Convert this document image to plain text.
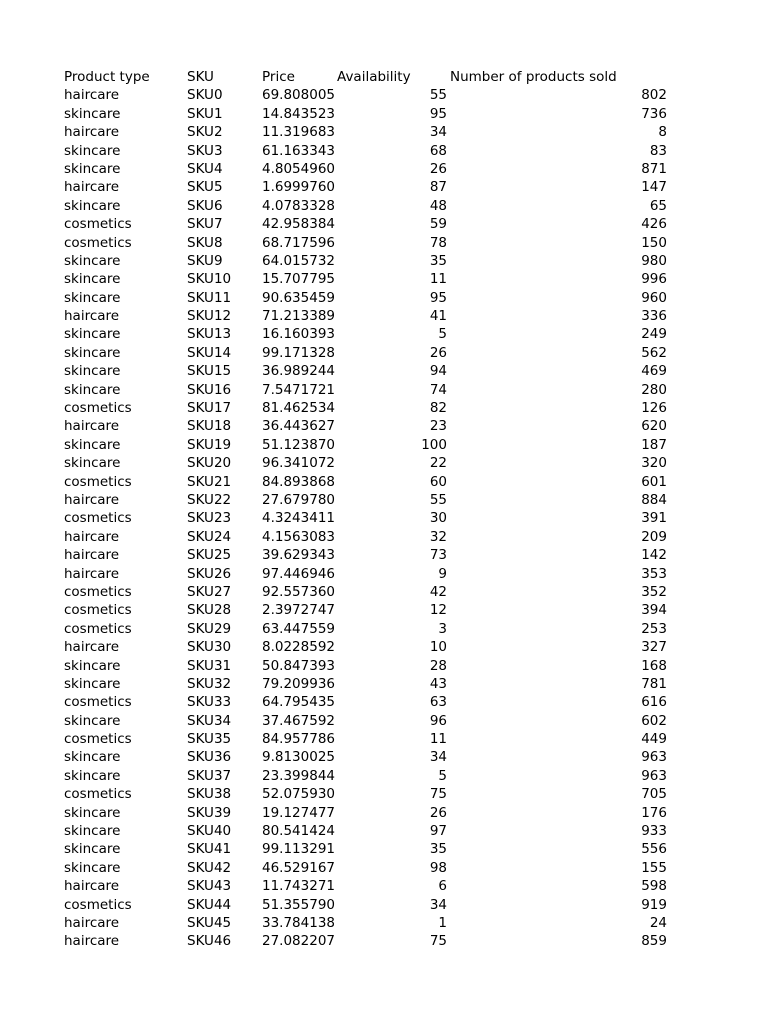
Product type	SKU	Price	Availability	Number of products sold
haircare	SKU0	69.808005	55	802
skincare	SKU1	14.843523	95	736
haircare	SKU2	11.319683	34	8
skincare	SKU3	61.163343	68	83
skincare	SKU4	4.8054960	26	871
haircare	SKU5	1.6999760	87	147
skincare	SKU6	4.0783328	48	65
cosmetics	SKU7	42.958384	59	426
cosmetics	SKU8	68.717596	78	150
skincare	SKU9	64.015732	35	980
skincare	SKU10 15.707795	11	996
skincare	SKU11 90.635459	95	960
haircare	SKU12 71.213389	41	336
skincare	SKU13 16.160393	5	249
skincare	SKU14 99.171328	26	562
skincare	SKU15 36.989244	94	469
skincare	SKU16 7.5471721	74	280
cosmetics	SKU17 81.462534	82	126
haircare	SKU18 36.443627	23	620
skincare	SKU19 51.123870	100	187
skincare	SKU20 96.341072	22	320
cosmetics	SKU21 84.893868	60	601
haircare	SKU22 27.679780	55	884
cosmetics	SKU23 4.3243411	30	391
haircare	SKU24 4.1563083	32	209
haircare	SKU25 39.629343	73	142
haircare	SKU26 97.446946	9	353
cosmetics	SKU27 92.557360	42	352
cosmetics	SKU28 2.3972747	12	394
cosmetics	SKU29 63.447559	3	253
haircare	SKU30 8.0228592	10	327
skincare	SKU31 50.847393	28	168
skincare	SKU32 79.209936	43	781
cosmetics	SKU33 64.795435	63	616
skincare	SKU34 37.467592	96	602
cosmetics	SKU35 84.957786	11	449
skincare	SKU36 9.8130025	34	963
skincare	SKU37 23.399844	5	963
cosmetics	SKU38 52.075930	75	705
skincare	SKU39 19.127477	26	176
skincare	SKU40 80.541424	97	933
skincare	SKU41 99.113291	35	556
skincare	SKU42 46.529167	98	155
haircare	SKU43 11.743271	6	598
cosmetics	SKU44 51.355790	34	919
haircare	SKU45 33.784138	1	24
haircare	SKU46 27.082207	75	859
